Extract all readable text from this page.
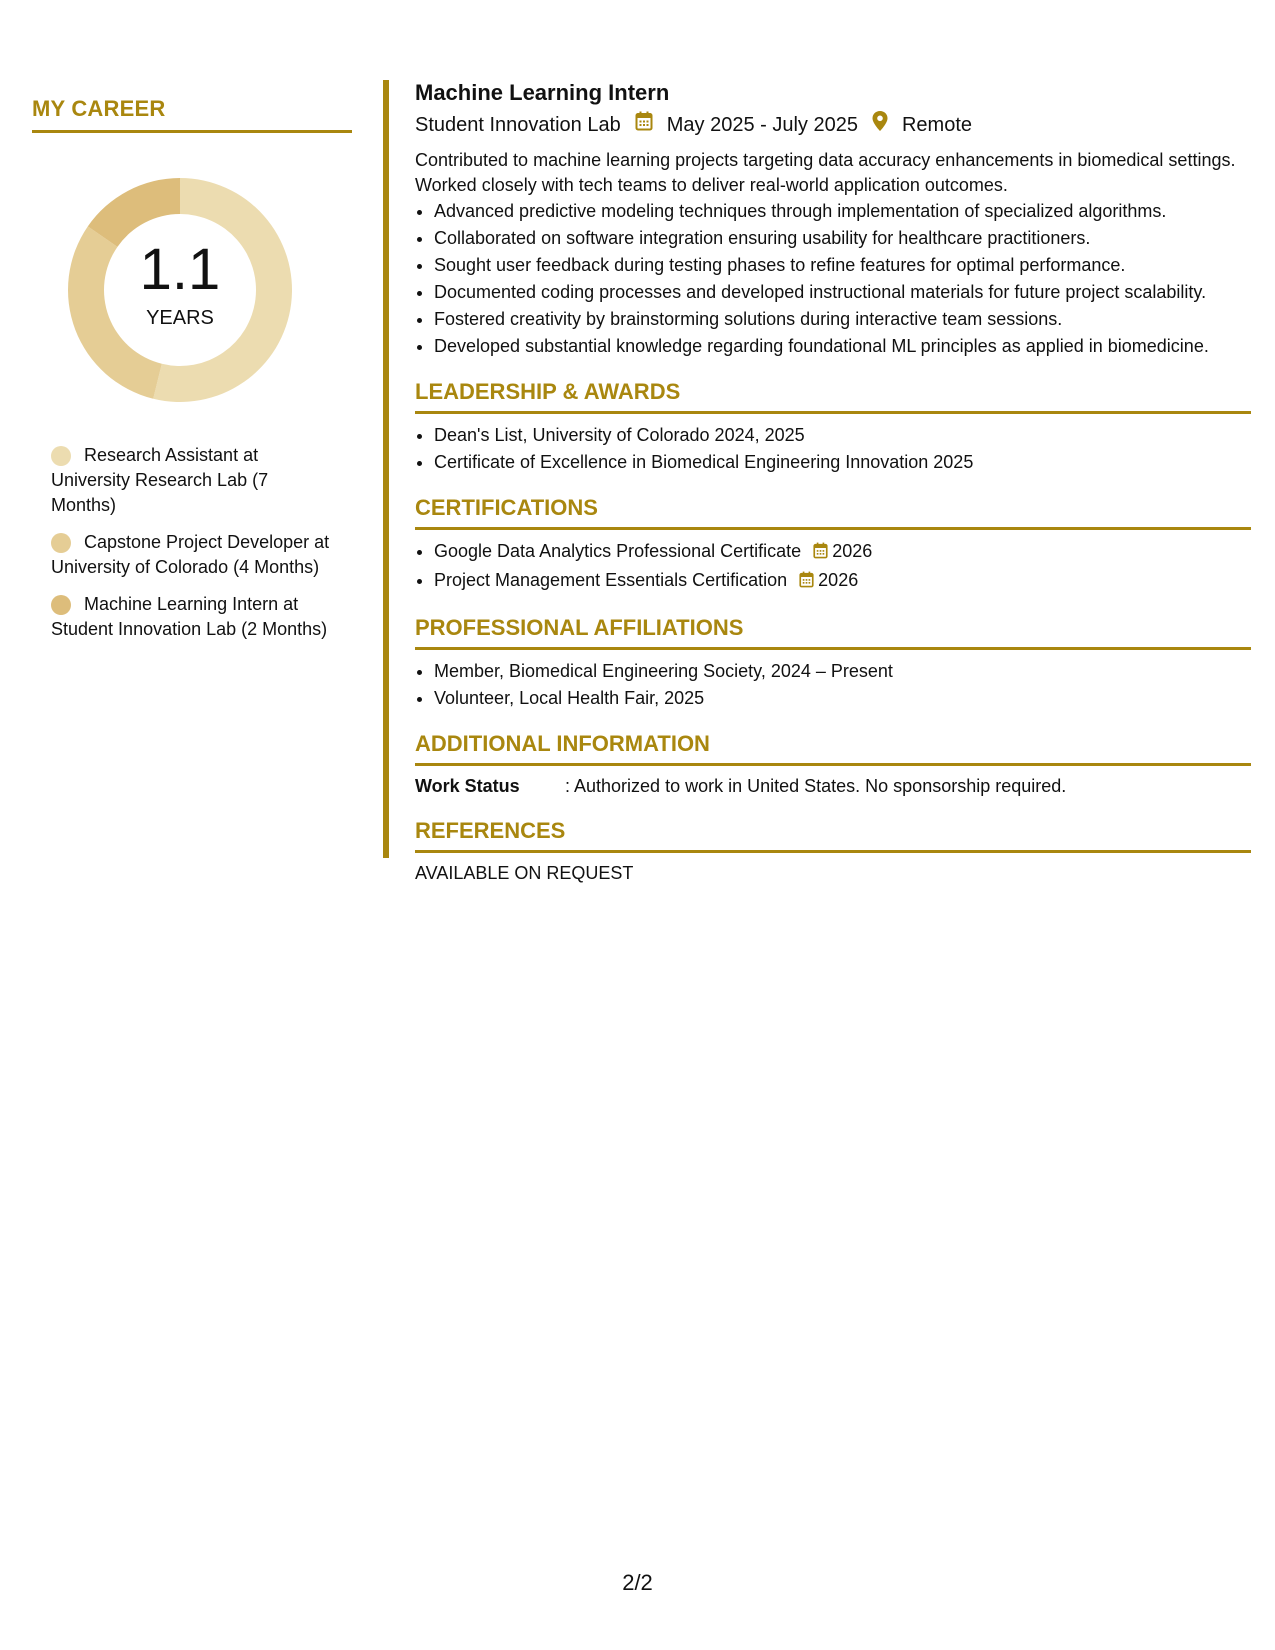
MY CAREER
1.1
YEARS
Research Assistant at University Research Lab (7 Months)
Capstone Project Developer at University of Colorado (4 Months)
Machine Learning Intern at Student Innovation Lab (2 Months)
Machine Learning Intern
Student Innovation Lab May 2025 - July 2025 Remote
Contributed to machine learning projects targeting data accuracy enhancements in biomedical settings. Worked closely with tech teams to deliver real-world application outcomes.
• Advanced predictive modeling techniques through implementation of specialized algorithms.
• Collaborated on software integration ensuring usability for healthcare practitioners.
• Sought user feedback during testing phases to refine features for optimal performance.
• Documented coding processes and developed instructional materials for future project scalability.
• Fostered creativity by brainstorming solutions during interactive team sessions.
• Developed substantial knowledge regarding foundational ML principles as applied in biomedicine.
LEADERSHIP & AWARDS
• Dean's List, University of Colorado 2024, 2025
• Certificate of Excellence in Biomedical Engineering Innovation 2025
CERTIFICATIONS
• Google Data Analytics Professional Certificate 2026
• Project Management Essentials Certification 2026
PROFESSIONAL AFFILIATIONS
• Member, Biomedical Engineering Society, 2024 – Present
• Volunteer, Local Health Fair, 2025
ADDITIONAL INFORMATION
Work Status	: Authorized to work in United States. No sponsorship required.
REFERENCES
AVAILABLE ON REQUEST
2/2
